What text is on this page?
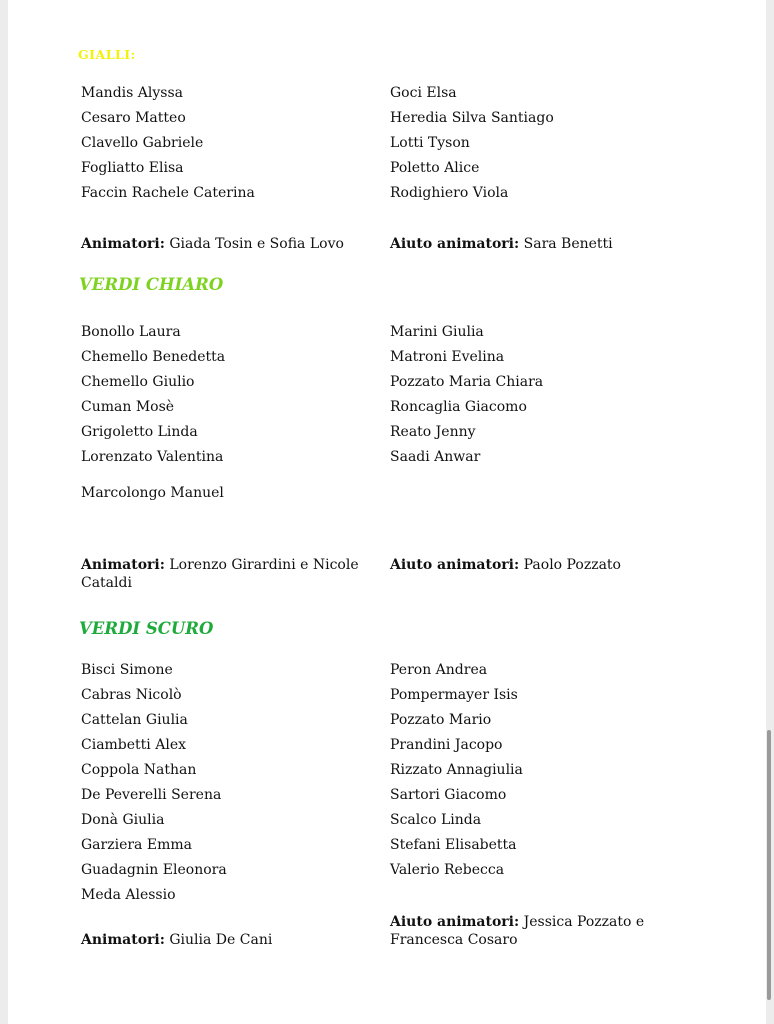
GIALLI:
Mandis Alyssa
Cesaro Matteo
Clavello Gabriele
Fogliatto Elisa
Faccin Rachele Caterina
Goci Elsa
Heredia Silva Santiago
Lotti Tyson
Poletto Alice
Rodighiero Viola
Animatori: Giada Tosin e Sofia Lovo	Aiuto animatori: Sara Benetti
VERDI CHIARO
Bonollo Laura
Chemello Benedetta
Chemello Giulio
Cuman Mosè
Grigoletto Linda
Lorenzato Valentina
Marini Giulia
Matroni Evelina
Pozzato Maria Chiara
Roncaglia Giacomo
Reato Jenny
Saadi Anwar
Marcolongo Manuel
Animatori: Lorenzo Girardini e Nicole Cataldi
Aiuto animatori: Paolo Pozzato
VERDI SCURO
Bisci Simone
Cabras Nicolò
Cattelan Giulia
Ciambetti Alex
Coppola Nathan
De Peverelli Serena
Donà Giulia
Garziera Emma
Guadagnin Eleonora
Meda Alessio
Peron Andrea
Pompermayer Isis
Pozzato Mario
Prandini Jacopo
Rizzato Annagiulia
Sartori Giacomo
Scalco Linda
Stefani Elisabetta
Valerio Rebecca
Aiuto animatori: Jessica Pozzato e Francesca Cosaro
Animatori: Giulia De Cani
